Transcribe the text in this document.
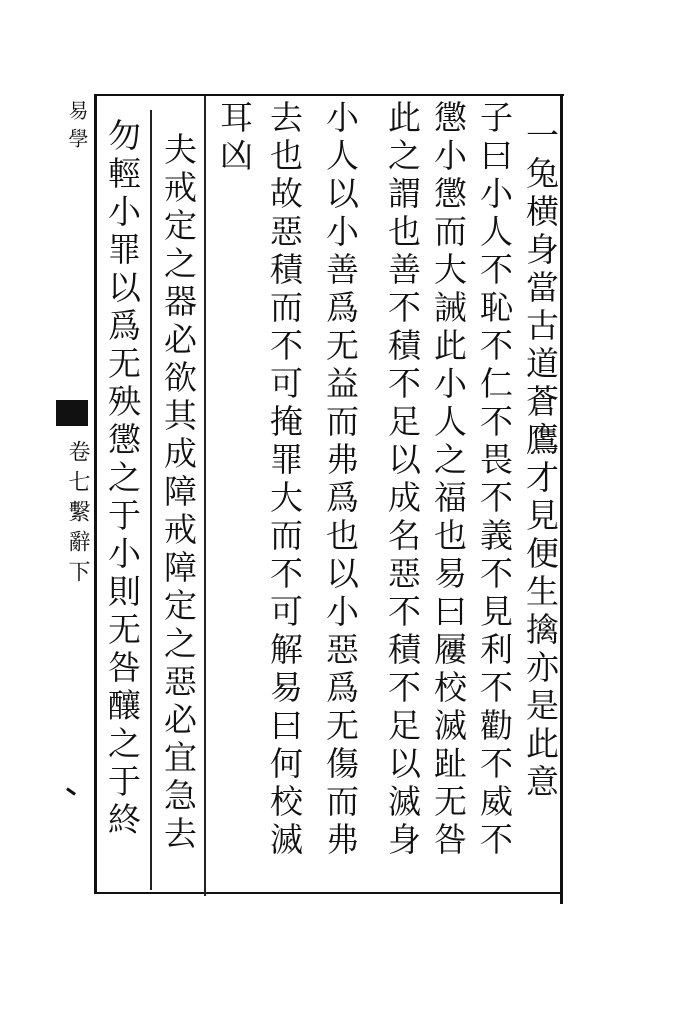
易學
卷七繫辭下	一兔横身當古道蒼鷹才見便生擒亦是此意
子曰小人不恥不仁不畏不義不見利不勸不威不
懲小懲而大誡此小人之福也易曰屨校滅趾无咎
此之謂也善不積不足以成名惡不積不足以滅身
小人以小善爲无益而弗爲也以小惡爲无傷而弗
去也故惡積而不可掩罪大而不可解易曰何校滅
耳凶
夫戒定之器必欲其成障戒障定之惡必宜急去
勿輕小罪以爲无殃懲之于小則无咎釀之于終
